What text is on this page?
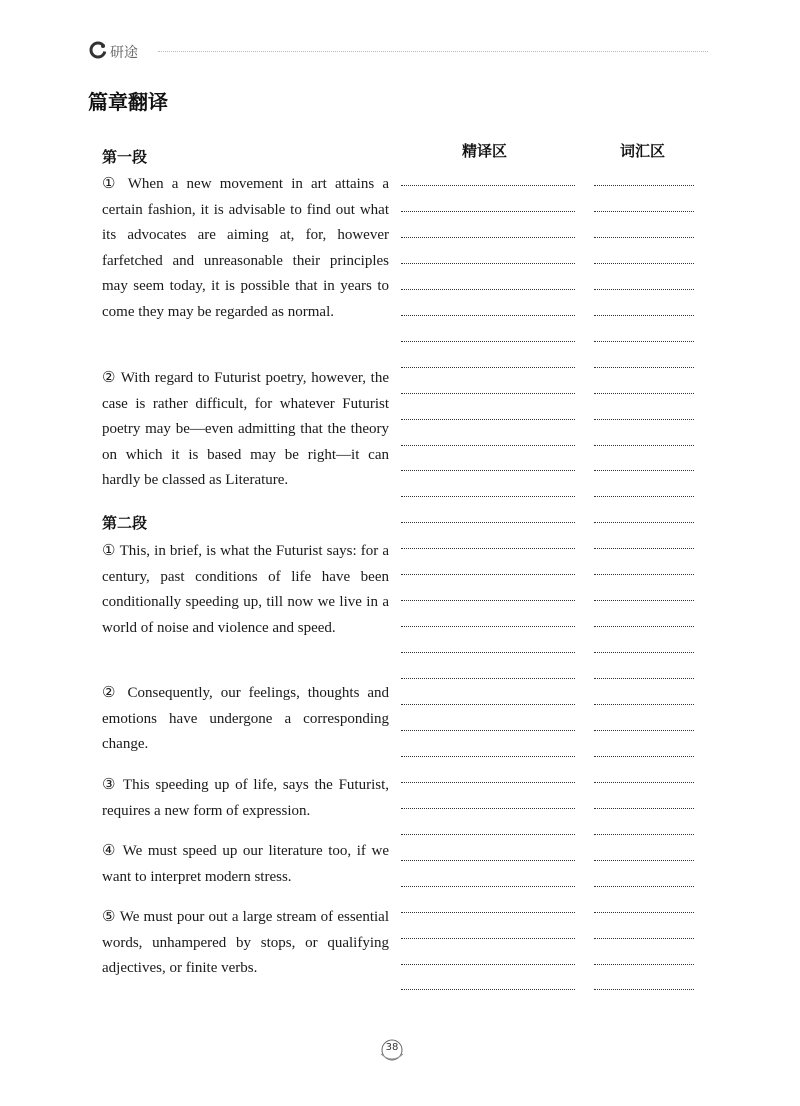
研途
篇章翻译
精译区	词汇区
第一段
① When a new movement in art attains a certain fashion, it is advisable to find out what its advocates are aiming at, for, however farfetched and unreasonable their principles may seem today, it is possible that in years to come they may be regarded as normal.
② With regard to Futurist poetry, however, the case is rather difficult, for whatever Futurist poetry may be—even admitting that the theory on which it is based may be right—it can hardly be classed as Literature.
第二段
① This, in brief, is what the Futurist says: for a century, past conditions of life have been conditionally speeding up, till now we live in a world of noise and violence and speed.
② Consequently, our feelings, thoughts and emotions have undergone a corresponding change.
③ This speeding up of life, says the Futurist, requires a new form of expression.
④ We must speed up our literature too, if we want to interpret modern stress.
⑤ We must pour out a large stream of essential words, unhampered by stops, or qualifying adjectives, or finite verbs.
38
